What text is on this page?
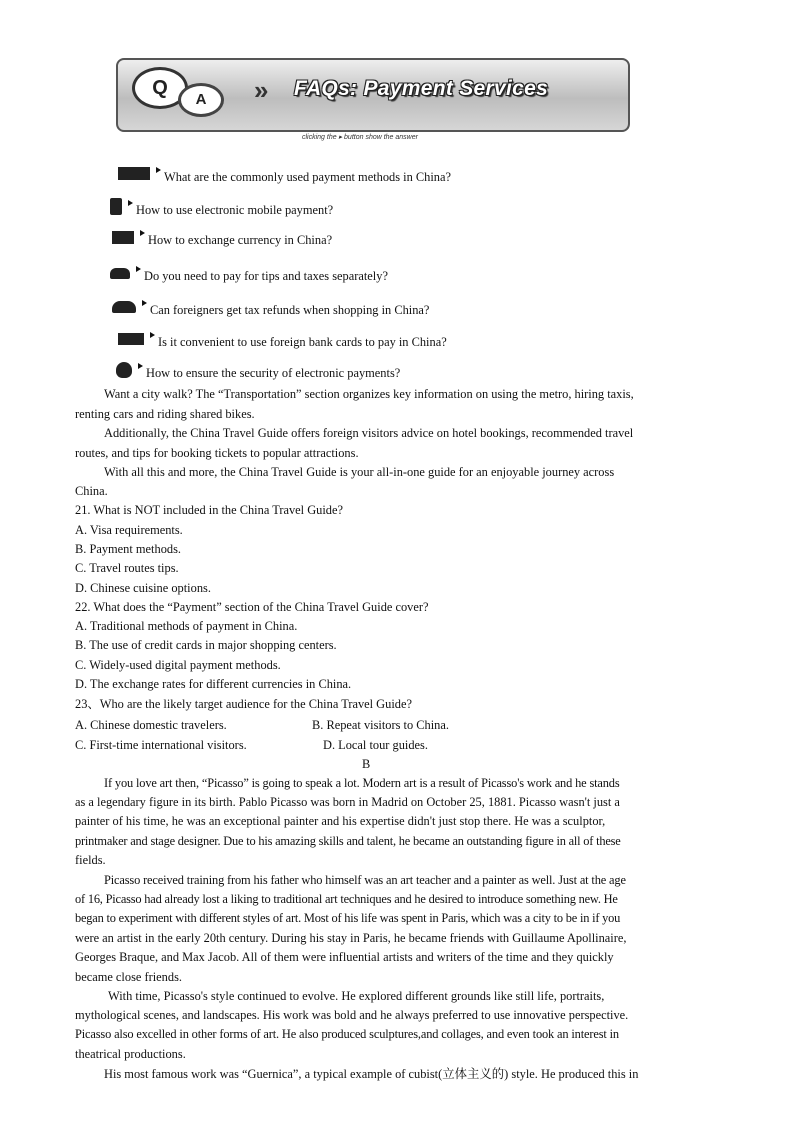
Q
A	» FAQs: Payment Services
clicking the ▸ button show the answer
What are the commonly used payment methods in China?
How to use electronic mobile payment?
How to exchange currency in China?
Do you need to pay for tips and taxes separately?
Can foreigners get tax refunds when shopping in China?
Is it convenient to use foreign bank cards to pay in China?
How to ensure the security of electronic payments?
Want a city walk? The “Transportation” section organizes key information on using the metro, hiring taxis,
renting cars and riding shared bikes.
Additionally, the China Travel Guide offers foreign visitors advice on hotel bookings, recommended travel
routes, and tips for booking tickets to popular attractions.
With all this and more, the China Travel Guide is your all-in-one guide for an enjoyable journey across
China.
21. What is NOT included in the China Travel Guide?
A. Visa requirements.
B. Payment methods.
C. Travel routes tips.
D. Chinese cuisine options.
22. What does the “Payment” section of the China Travel Guide cover?
A. Traditional methods of payment in China.
B. The use of credit cards in major shopping centers.
C. Widely-used digital payment methods.
D. The exchange rates for different currencies in China.
23、Who are the likely target audience for the China Travel Guide?
A. Chinese domestic travelers.	B. Repeat visitors to China.
C. First-time international visitors.	D. Local tour guides.
B
If you love art then, “Picasso” is going to speak a lot. Modern art is a result of Picasso's work and he stands
as a legendary figure in its birth. Pablo Picasso was born in Madrid on October 25, 1881. Picasso wasn't just a
painter of his time, he was an exceptional painter and his expertise didn't just stop there. He was a sculptor,
printmaker and stage designer. Due to his amazing skills and talent, he became an outstanding figure in all of these
fields.
Picasso received training from his father who himself was an art teacher and a painter as well. Just at the age
of 16, Picasso had already lost a liking to traditional art techniques and he desired to introduce something new. He
began to experiment with different styles of art. Most of his life was spent in Paris, which was a city to be in if you
were an artist in the early 20th century. During his stay in Paris, he became friends with Guillaume Apollinaire,
Georges Braque, and Max Jacob. All of them were influential artists and writers of the time and they quickly
became close friends.
With time, Picasso's style continued to evolve. He explored different grounds like still life, portraits,
mythological scenes, and landscapes. His work was bold and he always preferred to use innovative perspective.
Picasso also excelled in other forms of art. He also produced sculptures,and collages, and even took an interest in
theatrical productions.
His most famous work was “Guernica”, a typical example of cubist(立体主义的) style. He produced this in
